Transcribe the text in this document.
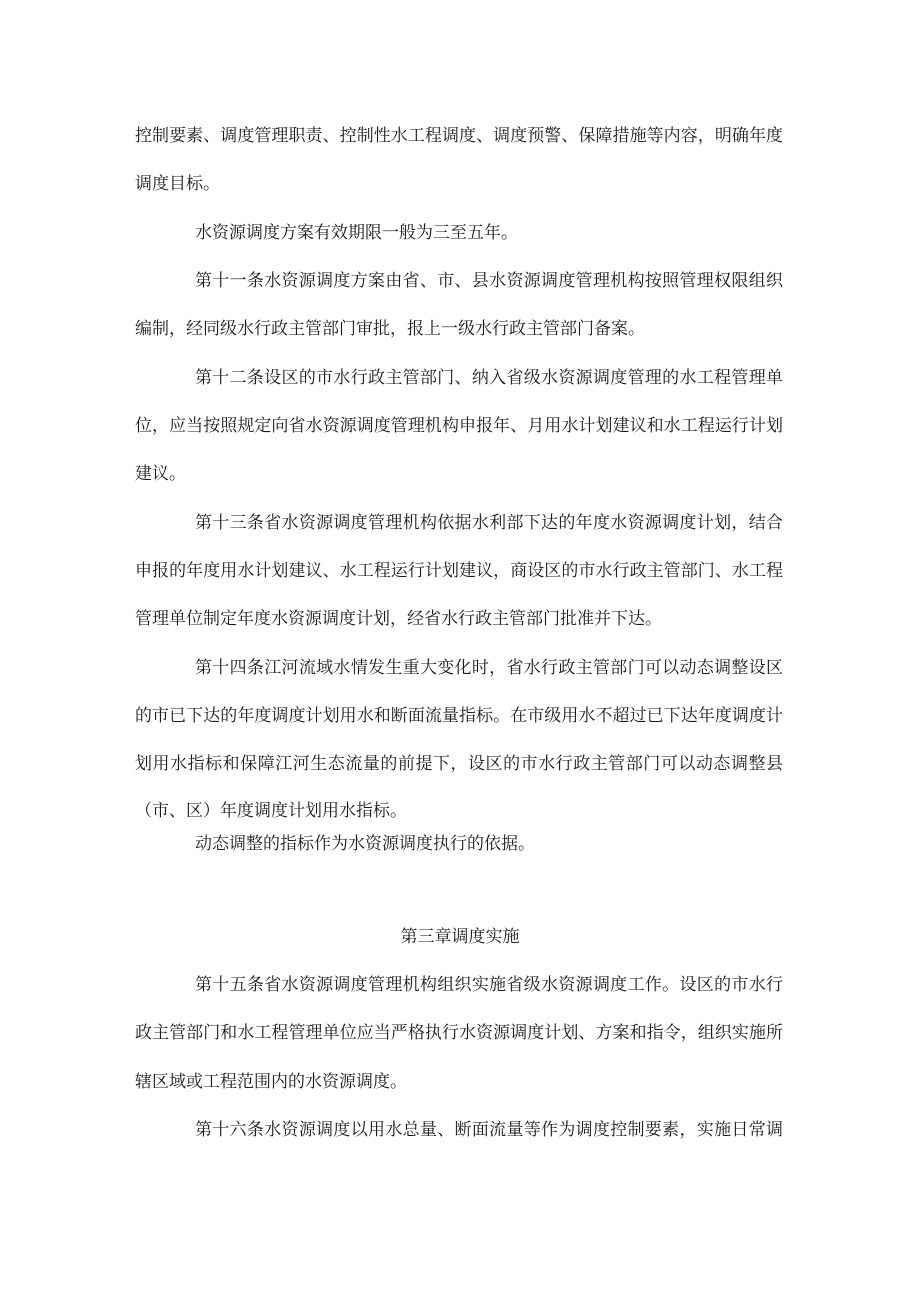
控制要素、调度管理职责、控制性水工程调度、调度预警、保障措施等内容，明确年度
调度目标。
水资源调度方案有效期限一般为三至五年。
第十一条水资源调度方案由省、市、县水资源调度管理机构按照管理权限组织
编制，经同级水行政主管部门审批，报上一级水行政主管部门备案。
第十二条设区的市水行政主管部门、纳入省级水资源调度管理的水工程管理单
位，应当按照规定向省水资源调度管理机构申报年、月用水计划建议和水工程运行计划
建议。
第十三条省水资源调度管理机构依据水利部下达的年度水资源调度计划，结合
申报的年度用水计划建议、水工程运行计划建议，商设区的市水行政主管部门、水工程
管理单位制定年度水资源调度计划，经省水行政主管部门批准并下达。
第十四条江河流域水情发生重大变化时，省水行政主管部门可以动态调整设区
的市已下达的年度调度计划用水和断面流量指标。在市级用水不超过已下达年度调度计
划用水指标和保障江河生态流量的前提下，设区的市水行政主管部门可以动态调整县
（市、区）年度调度计划用水指标。
动态调整的指标作为水资源调度执行的依据。
第三章调度实施
第十五条省水资源调度管理机构组织实施省级水资源调度工作。设区的市水行
政主管部门和水工程管理单位应当严格执行水资源调度计划、方案和指令，组织实施所
辖区域或工程范围内的水资源调度。
第十六条水资源调度以用水总量、断面流量等作为调度控制要素，实施日常调
